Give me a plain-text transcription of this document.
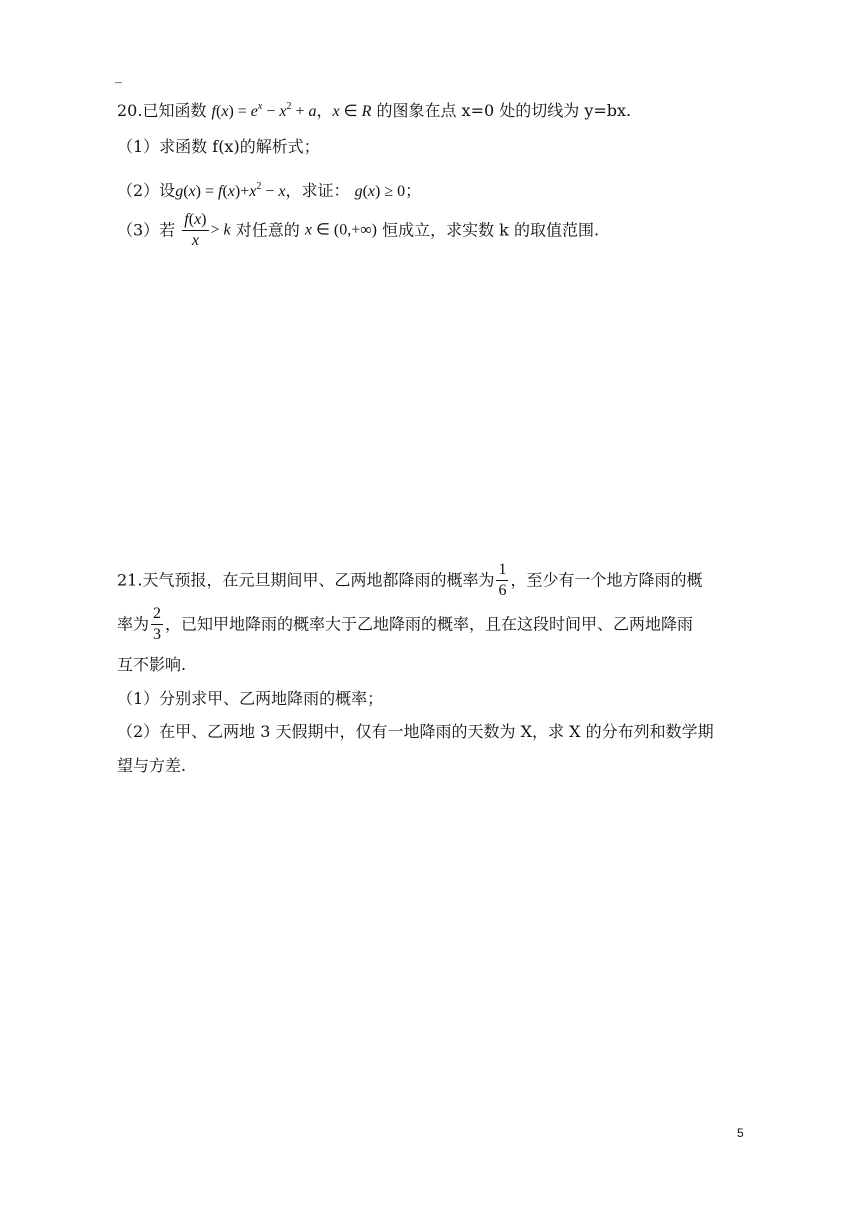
_
20.已知函数 $f(x) = e^x - x^2 + a$，x ∈ R 的图象在点 x=0 处的切线为 y=bx.
（1）求函数 f(x)的解析式；
（2）设$g(x) = f(x)+x^2 - x$，求证： g(x) ≥ 0；
（3）若 $\frac{f(x)}{x} > k$ 对任意的 x ∈ (0,+∞) 恒成立，求实数 k 的取值范围.
21.天气预报，在元旦期间甲、乙两地都降雨的概率为 $\frac{1}{6}$ ，至少有一个地方降雨的概
率为 $\frac{2}{3}$ ，已知甲地降雨的概率大于乙地降雨的概率，且在这段时间甲、乙两地降雨
互不影响.
（1）分别求甲、乙两地降雨的概率；
（2）在甲、乙两地 3 天假期中，仅有一地降雨的天数为 X，求 X 的分布列和数学期
望与方差.
5
